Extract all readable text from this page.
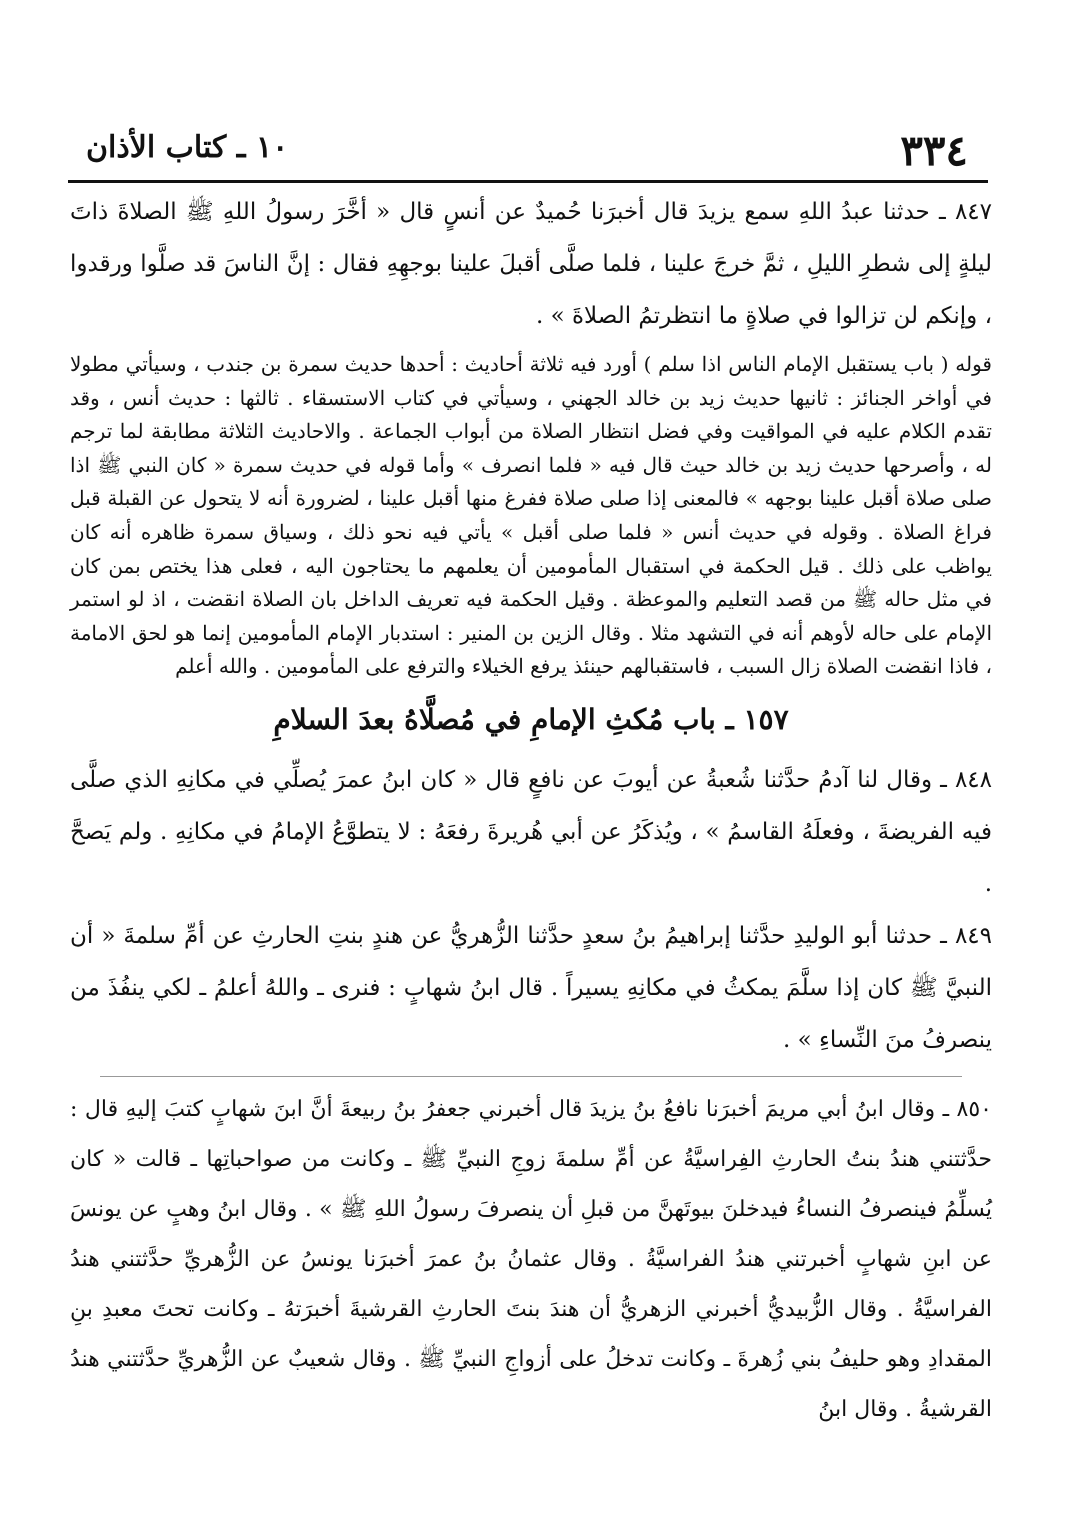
٣٣٤
١٠ ـ كتاب الأذان

٨٤٧ ـ حدثنا عبدُ اللهِ سمع يزيدَ قال أخبرَنا حُميدٌ عن أنسٍ قال « أخَّرَ رسولُ اللهِ ﷺ الصلاةَ ذاتَ ليلةٍ إلى شطرِ الليلِ ، ثمَّ خرجَ علينا ، فلما صلَّى أقبلَ علينا بوجهِهِ فقال : إنَّ الناسَ قد صلَّوا ورقدوا ، وإنكم لن تزالوا في صلاةٍ ما انتظرتمُ الصلاةَ » .

قوله ( باب يستقبل الإمام الناس اذا سلم ) أورد فيه ثلاثة أحاديث : أحدها حديث سمرة بن جندب ، وسيأتي مطولا في أواخر الجنائز : ثانيها حديث زيد بن خالد الجهني ، وسيأتي في كتاب الاستسقاء . ثالثها : حديث أنس ، وقد تقدم الكلام عليه في المواقيت وفي فضل انتظار الصلاة من أبواب الجماعة . والاحاديث الثلاثة مطابقة لما ترجم له ، وأصرحها حديث زيد بن خالد حيث قال فيه « فلما انصرف » وأما قوله في حديث سمرة « كان النبي ﷺ اذا صلى صلاة أقبل علينا بوجهه » فالمعنى إذا صلى صلاة ففرغ منها أقبل علينا ، لضرورة أنه لا يتحول عن القبلة قبل فراغ الصلاة . وقوله في حديث أنس « فلما صلى أقبل » يأتي فيه نحو ذلك ، وسياق سمرة ظاهره أنه كان يواظب على ذلك . قيل الحكمة في استقبال المأمومين أن يعلمهم ما يحتاجون اليه ، فعلى هذا يختص بمن كان في مثل حاله ﷺ من قصد التعليم والموعظة . وقيل الحكمة فيه تعريف الداخل بان الصلاة انقضت ، اذ لو استمر الإمام على حاله لأوهم أنه في التشهد مثلا . وقال الزين بن المنير : استدبار الإمام المأمومين إنما هو لحق الامامة ، فاذا انقضت الصلاة زال السبب ، فاستقبالهم حينئذ يرفع الخيلاء والترفع على المأمومين . والله أعلم

١٥٧ ـ باب مُكثِ الإمامِ في مُصلَّاهُ بعدَ السلامِ

٨٤٨ ـ وقال لنا آدمُ حدَّثنا شُعبةُ عن أيوبَ عن نافعٍ قال « كان ابنُ عمرَ يُصلِّي في مكانِهِ الذي صلَّى فيه الفريضةَ ، وفعلَهُ القاسمُ » ، ويُذكَرُ عن أبي هُريرةَ رفعَهُ : لا يتطوَّعُ الإمامُ في مكانِهِ . ولم يَصحَّ .

٨٤٩ ـ حدثنا أبو الوليدِ حدَّثنا إبراهيمُ بنُ سعدٍ حدَّثنا الزُّهريُّ عن هندٍ بنتِ الحارثِ عن أمِّ سلمةَ « أن النبيَّ ﷺ كان إذا سلَّمَ يمكثُ في مكانِهِ يسيراً . قال ابنُ شهابٍ : فنرى ـ واللهُ أعلمُ ـ لكي ينفُذَ من ينصرفُ منَ النِّساءِ » .

٨٥٠ ـ وقال ابنُ أبي مريمَ أخبرَنا نافعُ بنُ يزيدَ قال أخبرني جعفرُ بنُ ربيعةَ أنَّ ابنَ شهابٍ كتبَ إليهِ قال : حدَّثتني هندُ بنتُ الحارثِ الفِراسيَّةُ عن أمِّ سلمةَ زوجِ النبيِّ ﷺ ـ وكانت من صواحباتِها ـ قالت « كان يُسلِّمُ فينصرفُ النساءُ فيدخلنَ بيوتَهنَّ من قبلِ أن ينصرفَ رسولُ اللهِ ﷺ » . وقال ابنُ وهبٍ عن يونسَ عن ابنِ شهابٍ أخبرتني هندُ الفراسيَّةُ . وقال عثمانُ بنُ عمرَ أخبرَنا يونسُ عن الزُّهريِّ حدَّثتني هندُ الفراسيَّةُ . وقال الزُّبيديُّ أخبرني الزهريُّ أن هندَ بنتَ الحارثِ القرشيةَ أخبرَتهُ ـ وكانت تحتَ معبدِ بنِ المقدادِ وهو حليفُ بني زُهرةَ ـ وكانت تدخلُ على أزواجِ النبيِّ ﷺ . وقال شعيبٌ عن الزُّهريِّ حدَّثتني هندُ القرشيةُ . وقال ابنُ
